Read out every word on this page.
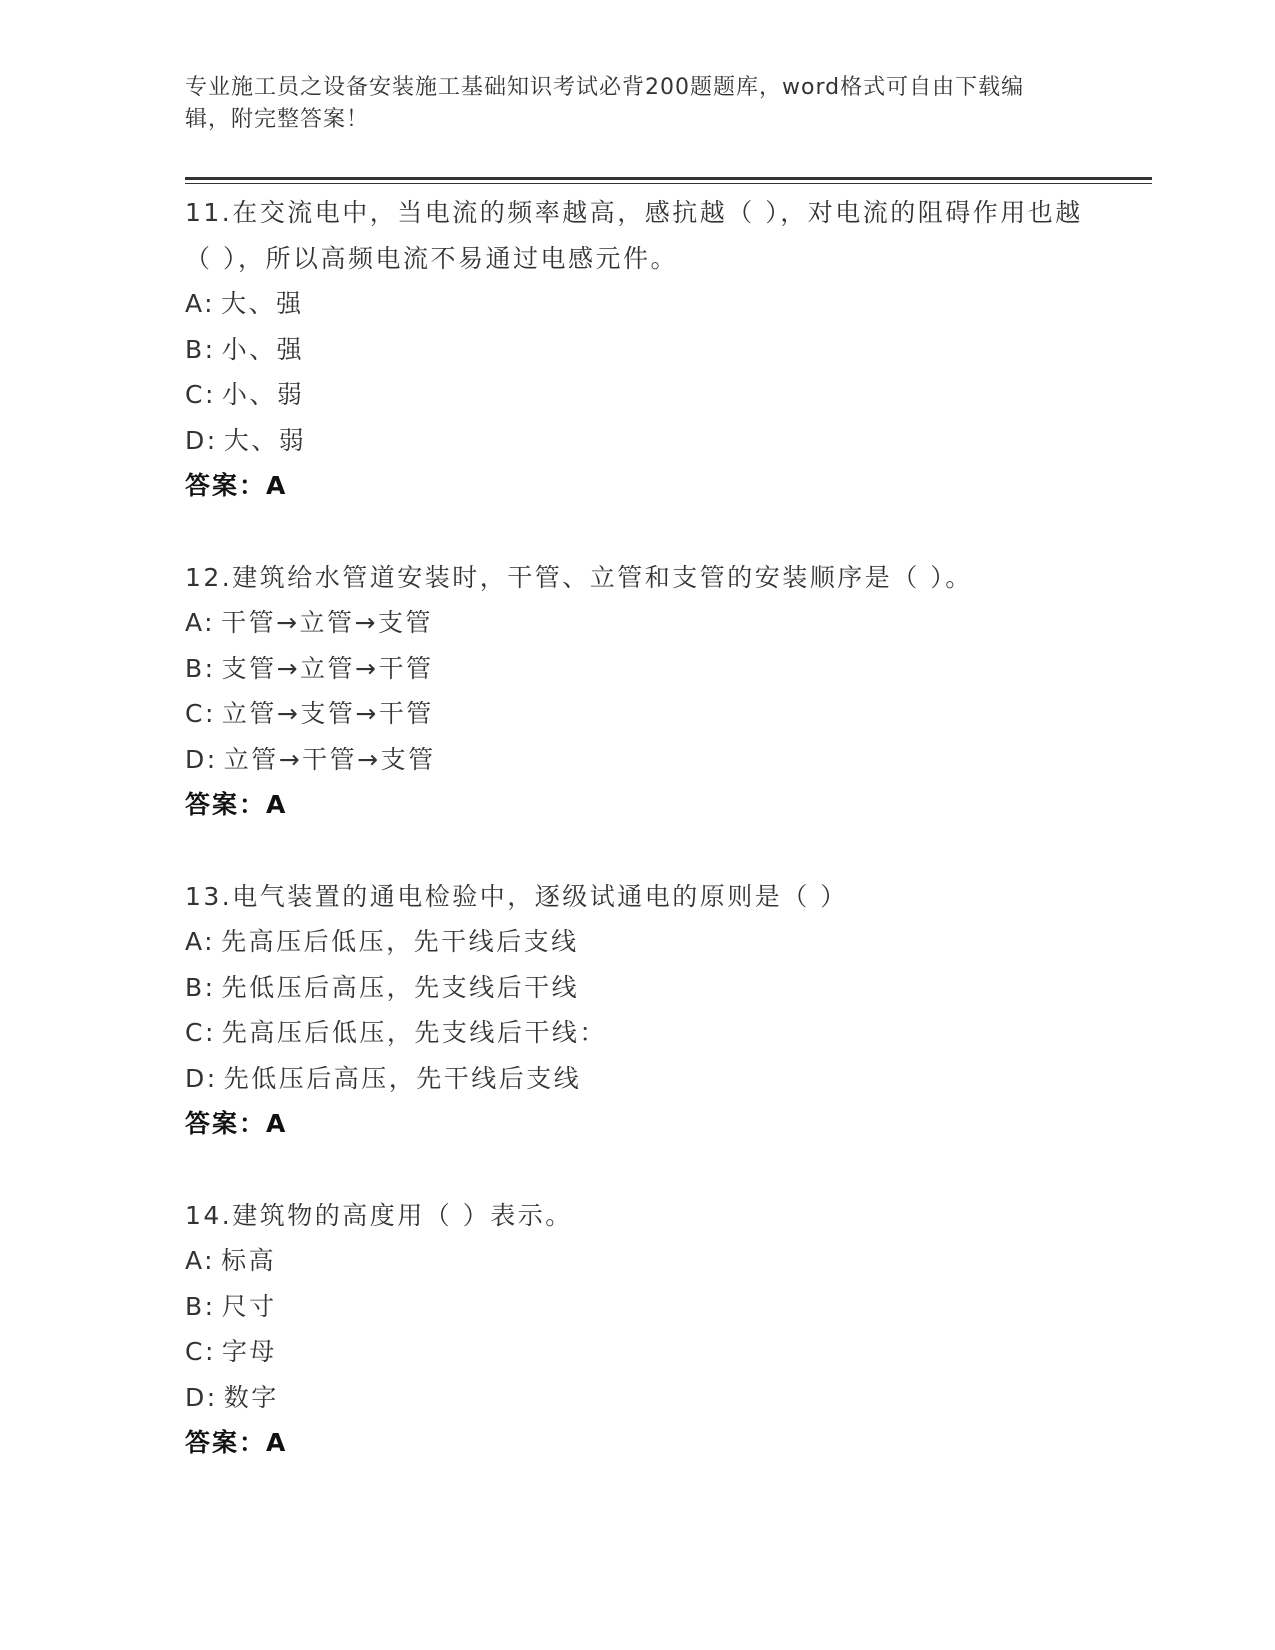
专业施工员之设备安装施工基础知识考试必背200题题库，word格式可自由下载编辑，附完整答案！
11.在交流电中，当电流的频率越高，感抗越（ ），对电流的阻碍作用也越（ ），所以高频电流不易通过电感元件。
A: 大、强
B: 小、强
C: 小、弱
D: 大、弱
答案：A
12.建筑给水管道安装时，干管、立管和支管的安装顺序是（ ）。
A: 干管→立管→支管
B: 支管→立管→干管
C: 立管→支管→干管
D: 立管→干管→支管
答案：A
13.电气装置的通电检验中，逐级试通电的原则是（ ）
A: 先高压后低压，先干线后支线
B: 先低压后高压，先支线后干线
C: 先高压后低压，先支线后干线：
D: 先低压后高压，先干线后支线
答案：A
14.建筑物的高度用（ ）表示。
A: 标高
B: 尺寸
C: 字母
D: 数字
答案：A
